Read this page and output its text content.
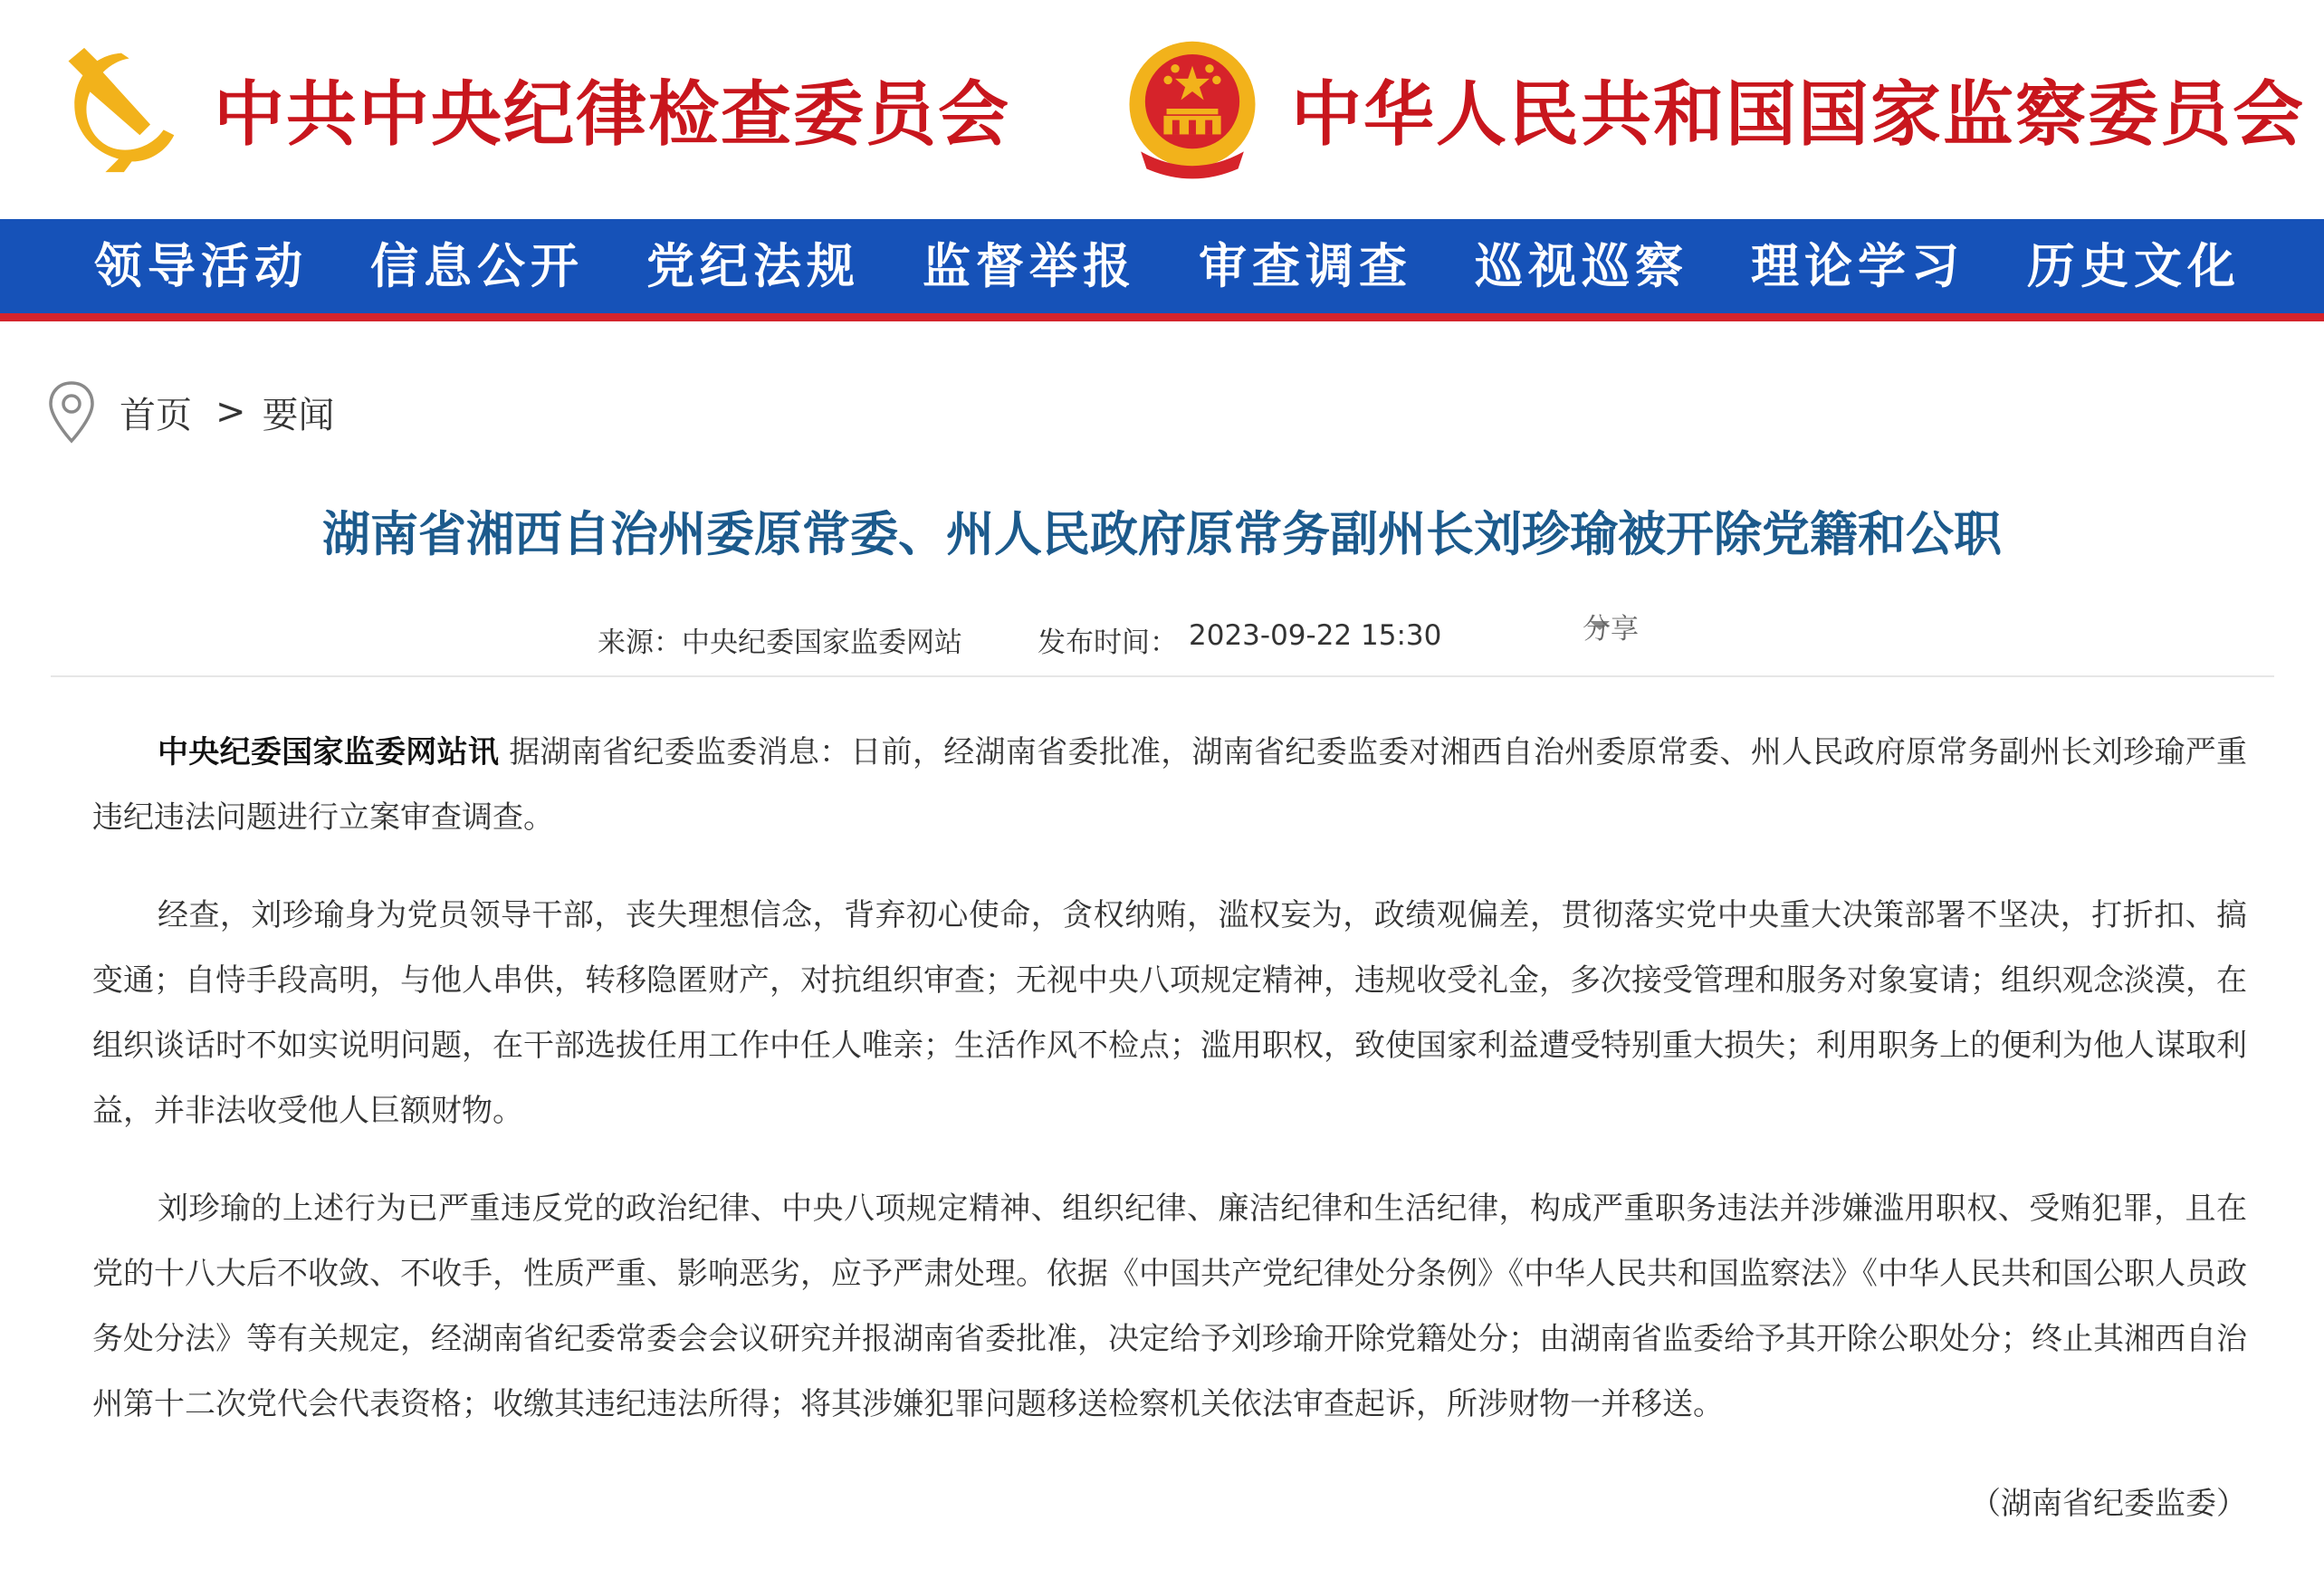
中共中央纪律检查委员会	中华人民共和国国家监察委员会
领导活动	信息公开	党纪法规	监督举报	审查调查	巡视巡察	理论学习	历史文化
首页 > 要闻
湖南省湘西自治州委原常委、州人民政府原常务副州长刘珍瑜被开除党籍和公职
来源：中央纪委国家监委网站	发布时间： 2023-09-22 15:30	分享

中央纪委国家监委网站讯 据湖南省纪委监委消息：日前，经湖南省委批准，湖南省纪委监委对湘西自治州委原常委、州人民政府原常务副州长刘珍瑜严重违纪违法问题进行立案审查调查。

经查，刘珍瑜身为党员领导干部，丧失理想信念，背弃初心使命，贪权纳贿，滥权妄为，政绩观偏差，贯彻落实党中央重大决策部署不坚决，打折扣、搞变通；自恃手段高明，与他人串供，转移隐匿财产，对抗组织审查；无视中央八项规定精神，违规收受礼金，多次接受管理和服务对象宴请；组织观念淡漠，在组织谈话时不如实说明问题，在干部选拔任用工作中任人唯亲；生活作风不检点；滥用职权，致使国家利益遭受特别重大损失；利用职务上的便利为他人谋取利益，并非法收受他人巨额财物。

刘珍瑜的上述行为已严重违反党的政治纪律、中央八项规定精神、组织纪律、廉洁纪律和生活纪律，构成严重职务违法并涉嫌滥用职权、受贿犯罪，且在党的十八大后不收敛、不收手，性质严重、影响恶劣，应予严肃处理。依据《中国共产党纪律处分条例》《中华人民共和国监察法》《中华人民共和国公职人员政务处分法》等有关规定，经湖南省纪委常委会会议研究并报湖南省委批准，决定给予刘珍瑜开除党籍处分；由湖南省监委给予其开除公职处分；终止其湘西自治州第十二次党代会代表资格；收缴其违纪违法所得；将其涉嫌犯罪问题移送检察机关依法审查起诉，所涉财物一并移送。

（湖南省纪委监委）
